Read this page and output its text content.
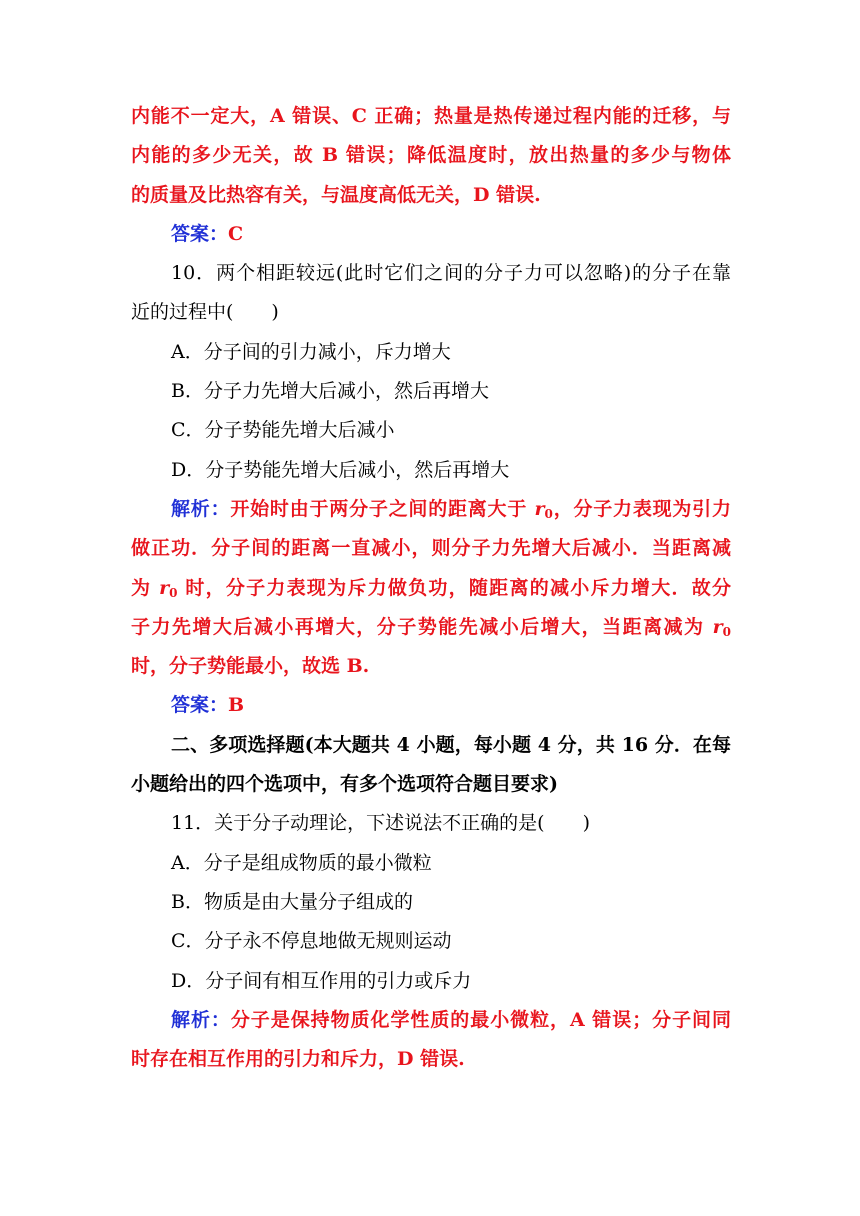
内能不一定大，A 错误、C 正确；热量是热传递过程内能的迁移，与
内能的多少无关，故 B 错误；降低温度时，放出热量的多少与物体
的质量及比热容有关，与温度高低无关，D 错误.
答案：C
10．两个相距较远(此时它们之间的分子力可以忽略)的分子在靠
近的过程中(　　)
A．分子间的引力减小，斥力增大
B．分子力先增大后减小，然后再增大
C．分子势能先增大后减小
D．分子势能先增大后减小，然后再增大
解析：开始时由于两分子之间的距离大于 $r_0$，分子力表现为引力
做正功．分子间的距离一直减小，则分子力先增大后减小．当距离减
为 $r_0$ 时，分子力表现为斥力做负功，随距离的减小斥力增大．故分
子力先增大后减小再增大，分子势能先减小后增大，当距离减为 $r_0$
时，分子势能最小，故选 B.
答案：B
二、多项选择题(本大题共 4 小题，每小题 4 分，共 16 分．在每
小题给出的四个选项中，有多个选项符合题目要求)
11．关于分子动理论，下述说法不正确的是(　　)
A．分子是组成物质的最小微粒
B．物质是由大量分子组成的
C．分子永不停息地做无规则运动
D．分子间有相互作用的引力或斥力
解析：分子是保持物质化学性质的最小微粒，A 错误；分子间同
时存在相互作用的引力和斥力，D 错误.
